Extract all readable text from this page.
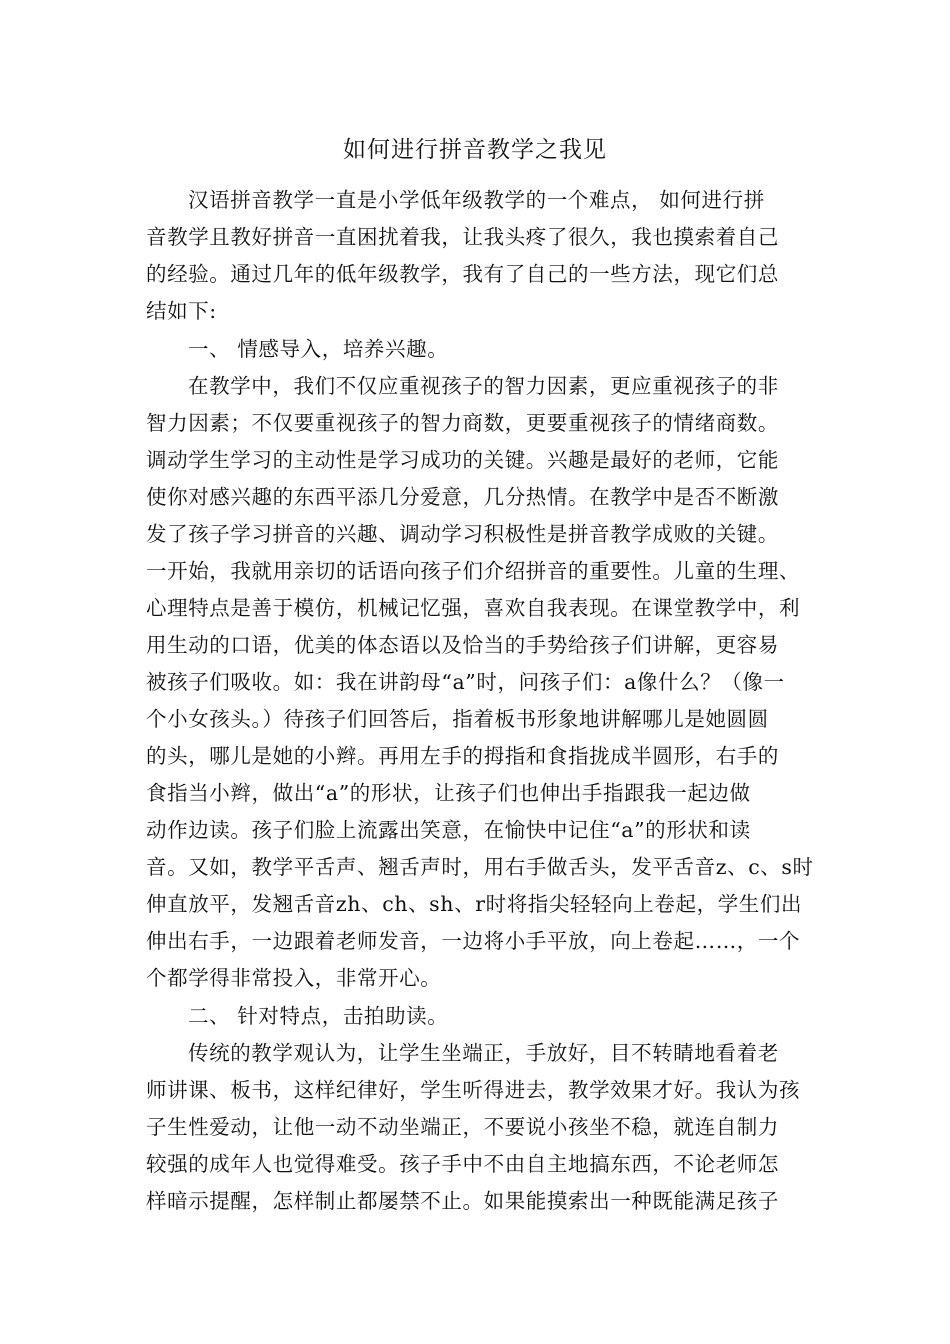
如何进行拼音教学之我见
汉语拼音教学一直是小学低年级教学的一个难点， 如何进行拼
音教学且教好拼音一直困扰着我，让我头疼了很久，我也摸索着自己
的经验。通过几年的低年级教学，我有了自己的一些方法，现它们总
结如下:
一、 情感导入，培养兴趣。
在教学中，我们不仅应重视孩子的智力因素，更应重视孩子的非
智力因素；不仅要重视孩子的智力商数，更要重视孩子的情绪商数。
调动学生学习的主动性是学习成功的关键。兴趣是最好的老师，它能
使你对感兴趣的东西平添几分爱意，几分热情。在教学中是否不断激
发了孩子学习拼音的兴趣、调动学习积极性是拼音教学成败的关键。
一开始，我就用亲切的话语向孩子们介绍拼音的重要性。儿童的生理、
心理特点是善于模仿，机械记忆强，喜欢自我表现。在课堂教学中，利
用生动的口语，优美的体态语以及恰当的手势给孩子们讲解，更容易
被孩子们吸收。如：我在讲韵母“a”时，问孩子们：a像什么？（像一
个小女孩头。）待孩子们回答后，指着板书形象地讲解哪儿是她圆圆
的头，哪儿是她的小辫。再用左手的拇指和食指拢成半圆形，右手的
食指当小辫，做出“a”的形状，让孩子们也伸出手指跟我一起边做
动作边读。孩子们脸上流露出笑意，在愉快中记住“a”的形状和读
音。又如，教学平舌声、翘舌声时，用右手做舌头，发平舌音z、c、s时
伸直放平，发翘舌音zh、ch、sh、r时将指尖轻轻向上卷起，学生们出
伸出右手，一边跟着老师发音，一边将小手平放，向上卷起……，一个
个都学得非常投入，非常开心。
二、 针对特点，击拍助读。
传统的教学观认为，让学生坐端正，手放好，目不转睛地看着老
师讲课、板书，这样纪律好，学生听得进去，教学效果才好。我认为孩
子生性爱动，让他一动不动坐端正，不要说小孩坐不稳，就连自制力
较强的成年人也觉得难受。孩子手中不由自主地搞东西，不论老师怎
样暗示提醒，怎样制止都屡禁不止。如果能摸索出一种既能满足孩子
